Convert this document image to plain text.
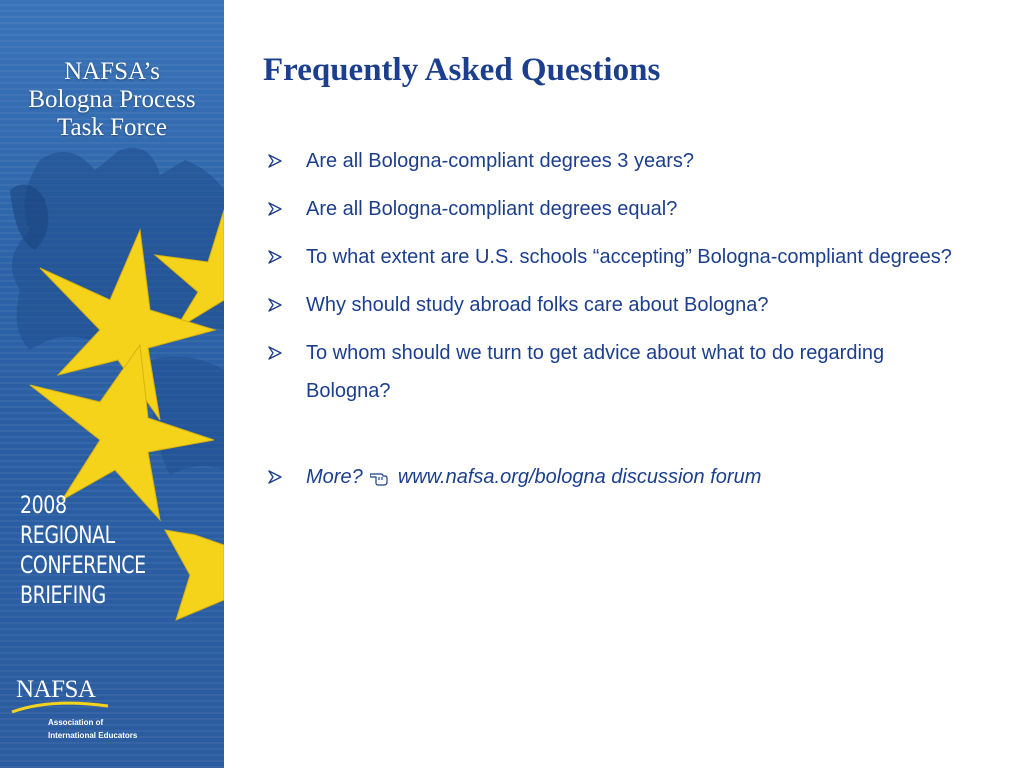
NAFSA’s
Bologna Process
Task Force
2008
REGIONAL
CONFERENCE
BRIEFING
NAFSA
Association of
International Educators
Frequently Asked Questions
Are all Bologna-compliant degrees 3 years?
Are all Bologna-compliant degrees equal?
To what extent are U.S. schools “accepting” Bologna-compliant degrees?
Why should study abroad folks care about Bologna?
To whom should we turn to get advice about what to do regarding Bologna?
More? www.nafsa.org/bologna discussion forum
